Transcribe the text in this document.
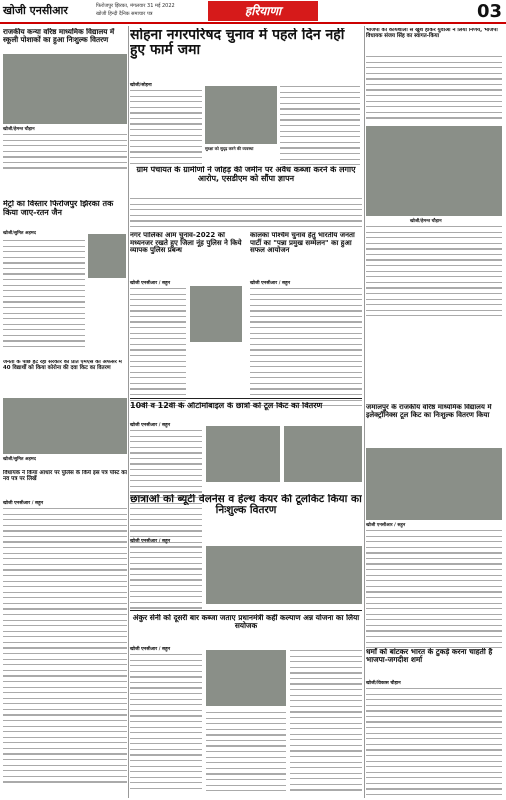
खोजी एनसीआर	फिरोजपुर झिरका, मंगलवार 31 मई 2022
खोजी हिन्दी दैनिक समाचार पत्र	हरियाणा	03
राजकीय कन्या वरिष्ठ माध्यमिक विद्यालय में स्कूली पोशाकों का हुआ निःशुल्क वितरण
खोजी/हेमन्त चौहान
सोहना नगरपरिषद चुनाव में पहले दिन नहीं हुए फार्म जमा
खोजी/सोहना
सुरक्षा को सुदृढ़ करने की व्यवस्था
भाजपा की कार्यशाली से खुश होकर युवाओं ने लिया निर्णय, भाजपा विधायक संजय सिंह का स्वागत-किया
खोजी/हेमन्त चौहान
ग्राम पंचायत के ग्रामीणों ने जोहड़ की जमीन पर अवैध कब्जा करने के लगाए आरोप, एसडीएम को सौंपा ज्ञापन
मेट्रो का विस्तार फिरोजपुर झिरका तक किया जाए-रतन जैन
खोजी/सुमित अहमद	नगर पालिका आम चुनाव-2022 को मध्यनजर रखते हुए जिला नूंह पुलिस ने किये व्यापक पुलिस प्रबन्ध
खोजी एनसीआर / सहुन
कालका पश्चिम चुनाव हेतु भारतीय जनता पार्टी का "पन्ना प्रमुख सम्मेलन" का हुआ सफल आयोजन
खोजी एनसीआर / सहुन
जनता के पीछे हट रहा सरकार की प्रति एमएस का अफसर में 40 विद्यार्थी को किया कोरोना की दवा किट का वितरण
खोजी/सुमित अहमद
10वीं व 12वीं के ऑटोमोबाइल के छात्रों को टूल किट का वितरण
खोजी एनसीआर / सहुन
जमालपुर के राजकीय वरिष्ठ माध्यमिक विद्यालय में इलेक्ट्रॉनिक्स टूल किट का निःशुल्क वितरण किया
खोजी एनसीआर / सहुन
छात्राओं को ब्यूटी वेलनेस व हेल्थ केयर की टूलकिट किया का निःशुल्क वितरण
खोजी एनसीआर / सहुन
विधायक ने किया आधार पर पुलिस के किये इस पत्र पोस्ट का नव पत्र पर लिखें
खोजी एनसीआर / सहुन
अंकुर सेनी को दूसरी बार कब्जा जताए प्रधानमंत्री कहीं कल्याण अन्न योजना का लिया सयोजक
खोजी एनसीआर / सहुन	धर्मों को बांटकर भारत के टुकड़े करना चाहती है भाजपा-जगदीश शर्मा
खोजी/विकास चौहान
